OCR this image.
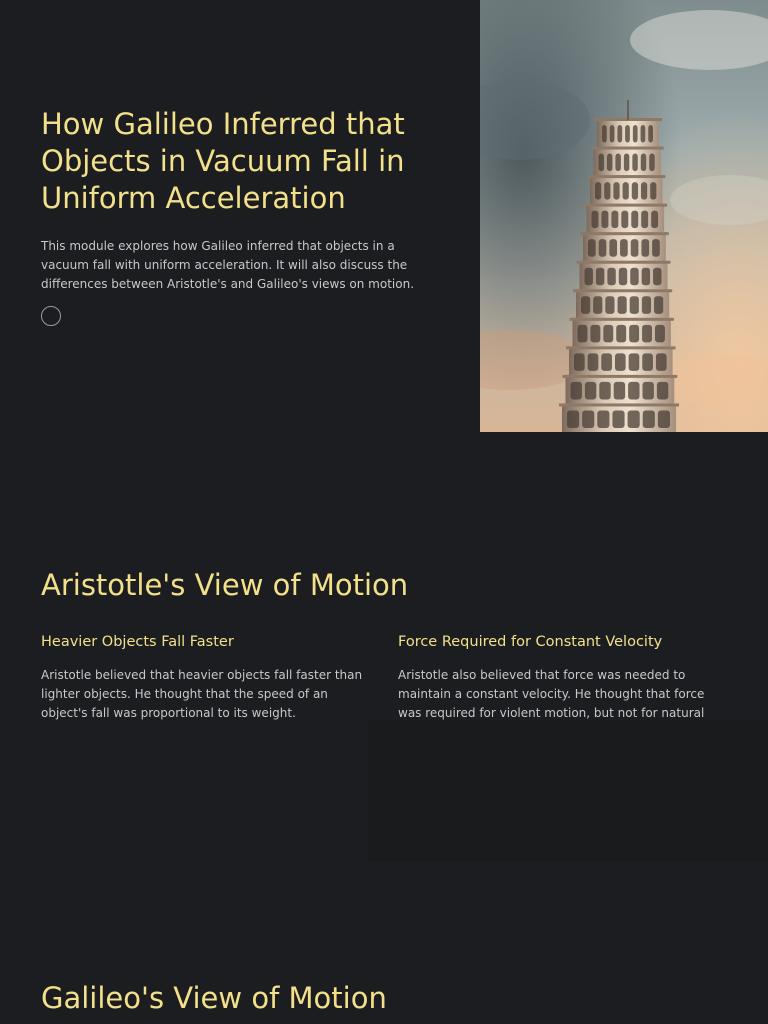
How Galileo Inferred that Objects in Vacuum Fall in Uniform Acceleration

This module explores how Galileo inferred that objects in a vacuum fall with uniform acceleration. It will also discuss the differences between Aristotle's and Galileo's views on motion.

Aristotle's View of Motion
Heavier Objects Fall Faster

Aristotle believed that heavier objects fall faster than lighter objects. He thought that the speed of an object's fall was proportional to its weight.

Force Required for Constant Velocity

Aristotle also believed that force was needed to maintain a constant velocity. He thought that force was required for violent motion, but not for natural

Galileo's View of Motion
